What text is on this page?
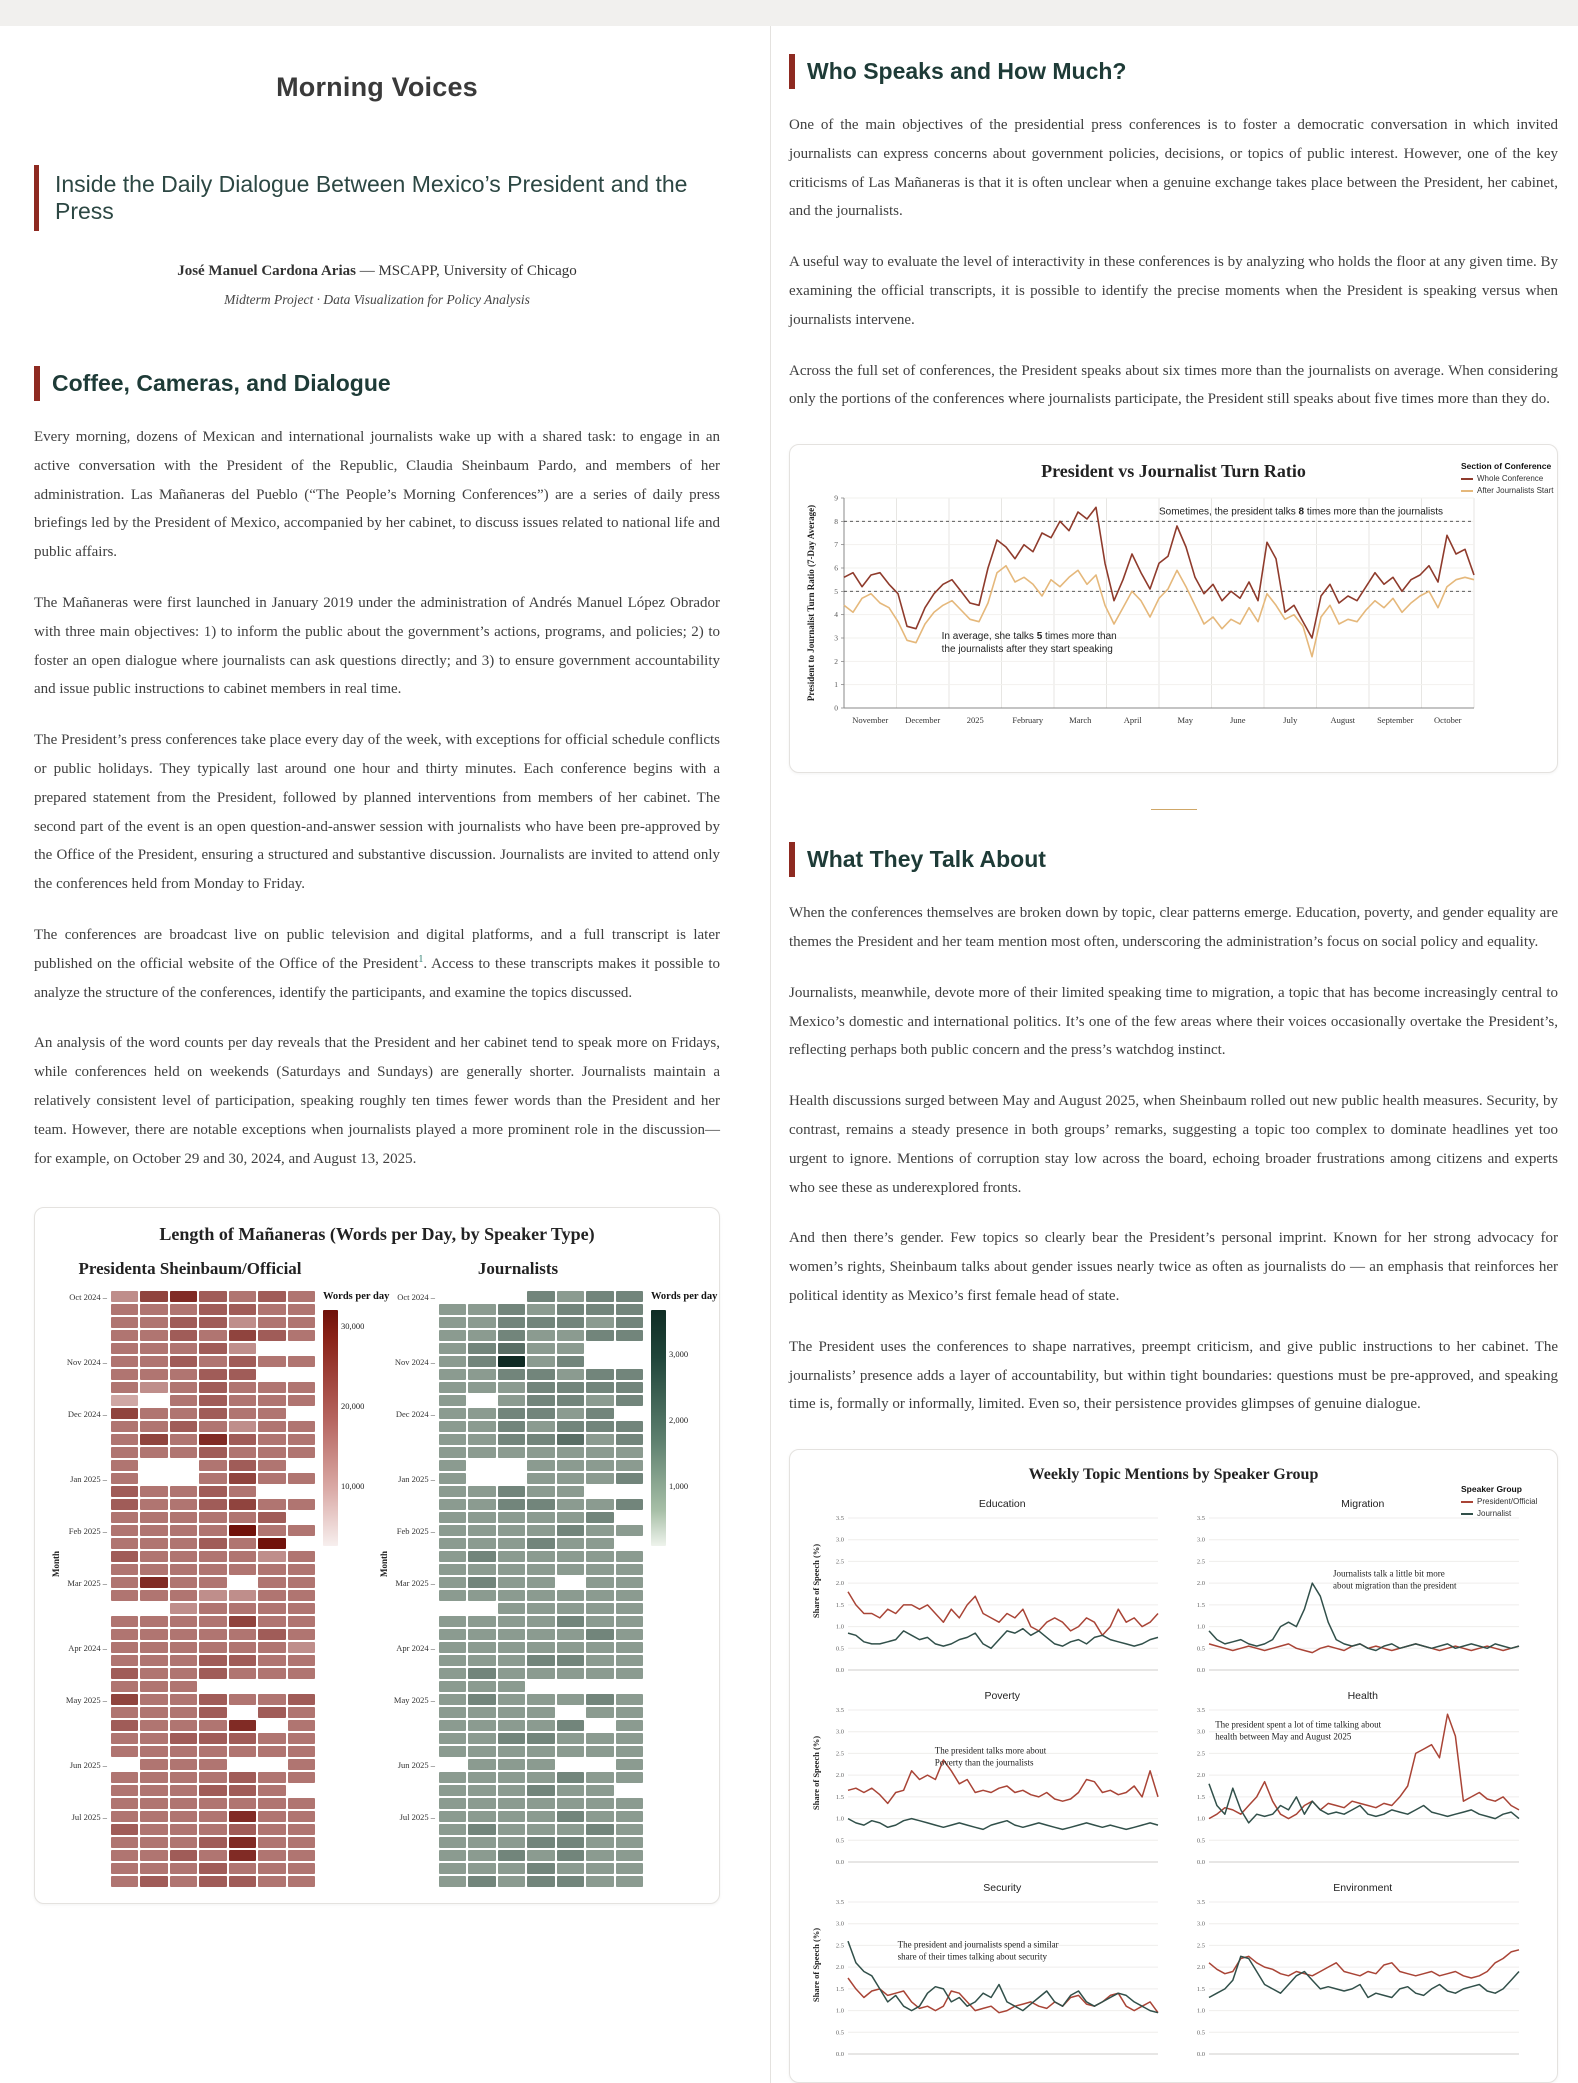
Morning Voices
Inside the Daily Dialogue Between Mexico’s President and the Press
José Manuel Cardona Arias — MSCAPP, University of Chicago
Midterm Project · Data Visualization for Policy Analysis
Coffee, Cameras, and Dialogue

Every morning, dozens of Mexican and international journalists wake up with a shared task: to engage in an active conversation with the President of the Republic, Claudia Sheinbaum Pardo, and members of her administration. Las Mañaneras del Pueblo (“The People’s Morning Conferences”) are a series of daily press briefings led by the President of Mexico, accompanied by her cabinet, to discuss issues related to national life and public affairs.

The Mañaneras were first launched in January 2019 under the administration of Andrés Manuel López Obrador with three main objectives: 1) to inform the public about the government’s actions, programs, and policies; 2) to foster an open dialogue where journalists can ask questions directly; and 3) to ensure government accountability and issue public instructions to cabinet members in real time.

The President’s press conferences take place every day of the week, with exceptions for official schedule conflicts or public holidays. They typically last around one hour and thirty minutes. Each conference begins with a prepared statement from the President, followed by planned interventions from members of her cabinet. The second part of the event is an open question-and-answer session with journalists who have been pre-approved by the Office of the President, ensuring a structured and substantive discussion. Journalists are invited to attend only the conferences held from Monday to Friday.

The conferences are broadcast live on public television and digital platforms, and a full transcript is later published on the official website of the Office of the President$^1$. Access to these transcripts makes it possible to analyze the structure of the conferences, identify the participants, and examine the topics discussed.

An analysis of the word counts per day reveals that the President and her cabinet tend to speak more on Fridays, while conferences held on weekends (Saturdays and Sundays) are generally shorter. Journalists maintain a relatively consistent level of participation, speaking roughly ten times fewer words than the President and her team. However, there are notable exceptions when journalists played a more prominent role in the discussion—for example, on October 29 and 30, 2024, and August 13, 2025.

Length of Mañaneras (Words per Day, by Speaker Type)
Presidenta Sheinbaum/Official
Month
Oct 2024 –
Nov 2024 –
Dec 2024 –
Jan 2025 –
Feb 2025 –
Mar 2025 –
Apr 2024 –
May 2025 –
Jun 2025 –
Jul 2025 –
Words per day
30,000
20,000
10,000
Journalists
Month
Oct 2024 –
Nov 2024 –
Dec 2024 –
Jan 2025 –
Feb 2025 –
Mar 2025 –
Apr 2024 –
May 2025 –
Jun 2025 –
Jul 2025 –
Words per day
3,000
2,000
1,000
Who Speaks and How Much?

One of the main objectives of the presidential press conferences is to foster a democratic conversation in which invited journalists can express concerns about government policies, decisions, or topics of public interest. However, one of the key criticisms of Las Mañaneras is that it is often unclear when a genuine exchange takes place between the President, her cabinet, and the journalists.

A useful way to evaluate the level of interactivity in these conferences is by analyzing who holds the floor at any given time. By examining the official transcripts, it is possible to identify the precise moments when the President is speaking versus when journalists intervene.

Across the full set of conferences, the President speaks about six times more than the journalists on average. When considering only the portions of the conferences where journalists participate, the President still speaks about five times more than they do.

President vs Journalist Turn Ratio
0
1
2
3
4
5
6
7
8
9
November December	2025	February	March	April	May	June	July	August	September October
Sometimes, the president talks 8 times more than the journalists
In average, she talks 5 times more than the journalists after they start speaking
President to Journalist Turn Ratio (7-Day Average)
Section of Conference
Whole Conference
After Journalists Start
What They Talk About

When the conferences themselves are broken down by topic, clear patterns emerge. Education, poverty, and gender equality are themes the President and her team mention most often, underscoring the administration’s focus on social policy and equality.

Journalists, meanwhile, devote more of their limited speaking time to migration, a topic that has become increasingly central to Mexico’s domestic and international politics. It’s one of the few areas where their voices occasionally overtake the President’s, reflecting perhaps both public concern and the press’s watchdog instinct.

Health discussions surged between May and August 2025, when Sheinbaum rolled out new public health measures. Security, by contrast, remains a steady presence in both groups’ remarks, suggesting a topic too complex to dominate headlines yet too urgent to ignore. Mentions of corruption stay low across the board, echoing broader frustrations among citizens and experts who see these as underexplored fronts.

And then there’s gender. Few topics so clearly bear the President’s personal imprint. Known for her strong advocacy for women’s rights, Sheinbaum talks about gender issues nearly twice as often as journalists do — an emphasis that reinforces her political identity as Mexico’s first female head of state.

The President uses the conferences to shape narratives, preempt criticism, and give public instructions to her cabinet. The journalists’ presence adds a layer of accountability, but within tight boundaries: questions must be pre-approved, and speaking time is, formally or informally, limited. Even so, their persistence provides glimpses of genuine dialogue.

Weekly Topic Mentions by Speaker Group
Speaker Group
President/Official
Journalist
Share of Speech (%)
Education
3.5
3.0
2.5
2.0
1.5
1.0
0.5
0.0
Migration
3.5
3.0
2.5
2.0
1.5
1.0
0.5
0.0
Journalists talk a little bit more about migration than the president
Share of Speech (%)
Poverty
3.5
3.0
2.5
2.0
1.5
1.0
0.5
0.0
The president talks more about Poverty than the journalists
Health
3.5
3.0
2.5
2.0
1.5
1.0
0.5
0.0
The president spent a lot of time talking about health between May and August 2025
Share of Speech (%)
Security
3.5
3.0
2.5
2.0
1.5
1.0
0.5
0.0
The president and journalists spend a similar share of their times talking about security
Environment
3.5
3.0
2.5
2.0
1.5
1.0
0.5
0.0
